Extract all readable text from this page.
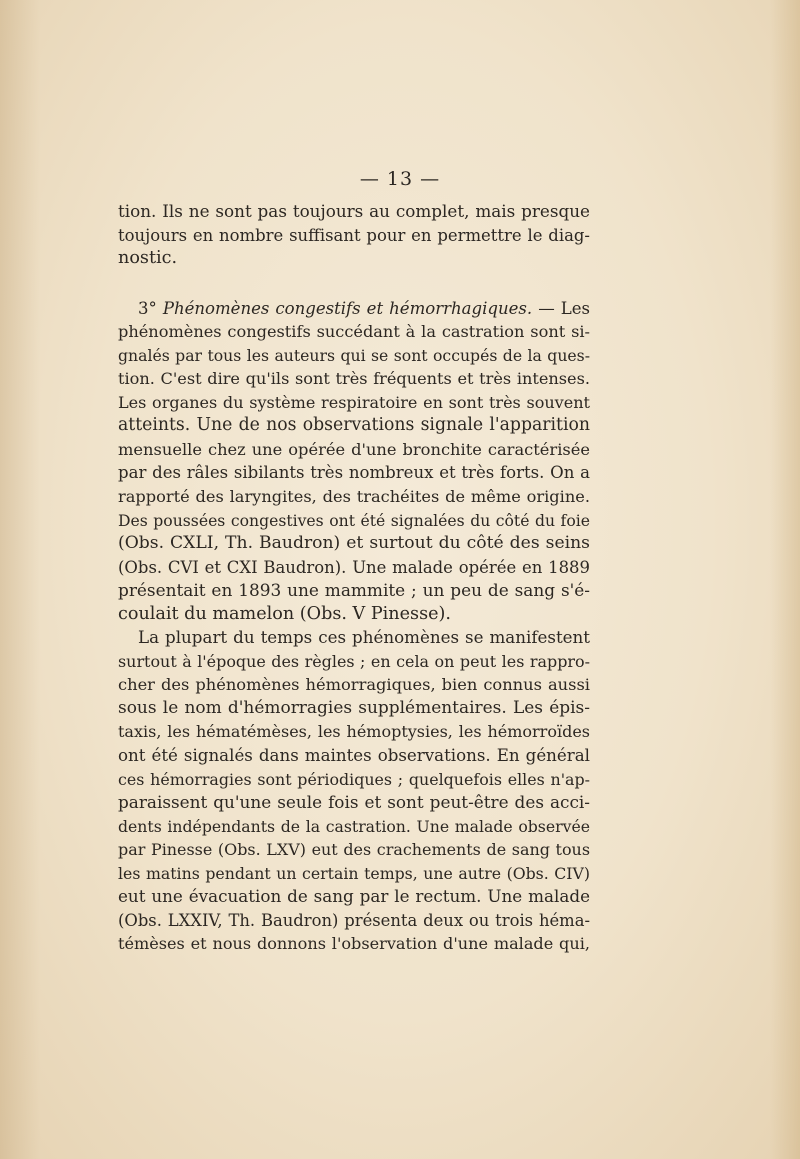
— 13 —
tion. Ils ne sont pas toujours au complet, mais presque
toujours en nombre suffisant pour en permettre le diag-
nostic.
3° Phénomènes congestifs et hémorrhagiques. — Les
phénomènes congestifs succédant à la castration sont si-
gnalés par tous les auteurs qui se sont occupés de la ques-
tion. C'est dire qu'ils sont très fréquents et très intenses.
Les organes du système respiratoire en sont très souvent
atteints. Une de nos observations signale l'apparition
mensuelle chez une opérée d'une bronchite caractérisée
par des râles sibilants très nombreux et très forts. On a
rapporté des laryngites, des trachéites de même origine.
Des poussées congestives ont été signalées du côté du foie
(Obs. CXLI, Th. Baudron) et surtout du côté des seins
(Obs. CVI et CXI Baudron). Une malade opérée en 1889
présentait en 1893 une mammite ; un peu de sang s'é-
coulait du mamelon (Obs. V Pinesse).
La plupart du temps ces phénomènes se manifestent
surtout à l'époque des règles ; en cela on peut les rappro-
cher des phénomènes hémorragiques, bien connus aussi
sous le nom d'hémorragies supplémentaires. Les épis-
taxis, les hématémèses, les hémoptysies, les hémorroïdes
ont été signalés dans maintes observations. En général
ces hémorragies sont périodiques ; quelquefois elles n'ap-
paraissent qu'une seule fois et sont peut-être des acci-
dents indépendants de la castration. Une malade observée
par Pinesse (Obs. LXV) eut des crachements de sang tous
les matins pendant un certain temps, une autre (Obs. CIV)
eut une évacuation de sang par le rectum. Une malade
(Obs. LXXIV, Th. Baudron) présenta deux ou trois héma-
témèses et nous donnons l'observation d'une malade qui,
